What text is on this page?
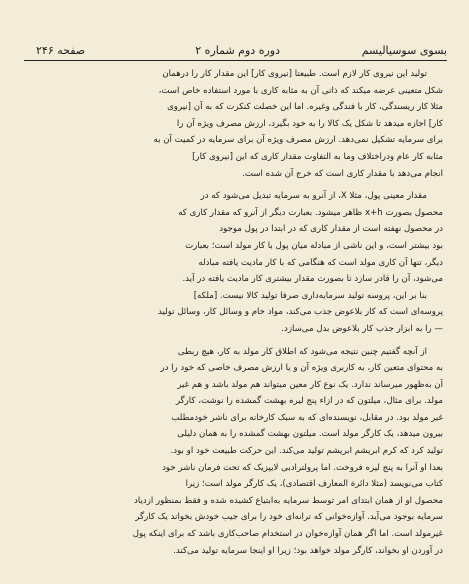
بسوی سوسیالیسم
دوره دوم شماره ۲
صفحه ۲۴۶
تولید این نیروی کار لازم است. طبیعتا [نیروی کار] این مقدار کار را درهمان
شکل متعینی عرضه میکند که ذاتی آن به مثابه کاری با مورد استفاده خاص است،
مثلا کار ریسندگی، کار با فندگی وغیره. اما این خصلت کنکرت که به آن [نیروی
کار] اجازه میدهد تا شکل یک کالا را به خود بگیرد، ارزش مصرف ویژه آن را
برای سرمایه تشکیل نمی‌دهد. ارزش مصرف ویژه آن برای سرمایه در کمیت آن به
مثابه کار عام ودراختلاف وما به التفاوت مقدار کاری که این [نیروی کار]
انجام می‌دهد با مقدار کاری است که خرج آن شده است.
مقدار معینی پول، مثلا X، از آنرو به سرمایه تبدیل می‌شود که در
محصول بصورت x+h ظاهر میشود. بعبارت دیگر از آنرو که مقدار کاری که
در محصول نهفته است از مقدار کاری که در ابتدا در پول موجود
بود بیشتر است، و این ناشی از مبادله میان پول با کار مولد است؛ بعبارت
دیگر، تنها آن کاری مولد است که هنگامی که با کار مادیت یافته مبادله
می‌شود، آن را قادر سازد تا بصورت مقدار بیشتری کار مادیت یافته در آید.
بنا بر این، پروسه تولید سرمایه‌داری صرفا تولید کالا نیست. [ملکه]
پروسه‌ای است که کار بلاعوض جذب می‌کند، مواد خام و وسائل کار، وسائل تولید
— را به ابزار جذب کار بلاعوض بدل می‌سازد.
از آنچه گفتیم چنین نتیجه می‌شود که اطلاق کار مولد به کار، هیچ ربطی
به محتوای متعین کار، به کاربری ویژه آن و یا ارزش مصرف خاصی که خود را در
آن به‌ظهور میرساند ندارد. یک نوع کار معین میتواند هم مولد باشد و هم غیر
مولد. برای مثال، میلتون که در ازاء پنج لیره بهشت گمشده را نوشت، کارگر
غیر مولد بود. در مقابل، نویسنده‌ای که به سبک کارخانه برای ناشر خودمطلب
بیرون میدهد، یک کارگر مولد است. میلتون بهشت گمشده را به همان دلیلی
تولید کرد که کرم ابریشم ابریشم تولید می‌کند. این حرکت طبیعت خود او بود.
بعدا او آنرا به پنج لیره فروخت. اما پرولترادبی لایپزیک که تحت فرمان ناشر خود
کتاب می‌نویسد (مثلا دائرة المعارف اقتصادی)، یک کارگر مولد است؛ زیرا
محصول او از همان ابتدای امر توسط سرمایه به‌ابتیاع کشیده شده و فقط بمنظور ازدیاد
سرمایه بوجود می‌آید. آوازه‌خوانی که ترانه‌ای خود را برای جیب خودش بخواند یک کارگر
غیرمولد است. اما اگر همان آوازه‌خوان در استخدام صاحب‌کاری باشد که برای اینکه پول
در آوردن او بخواند، کارگر مولد خواهد بود؛ زیرا او اینجا سرمایه تولید می‌کند.
